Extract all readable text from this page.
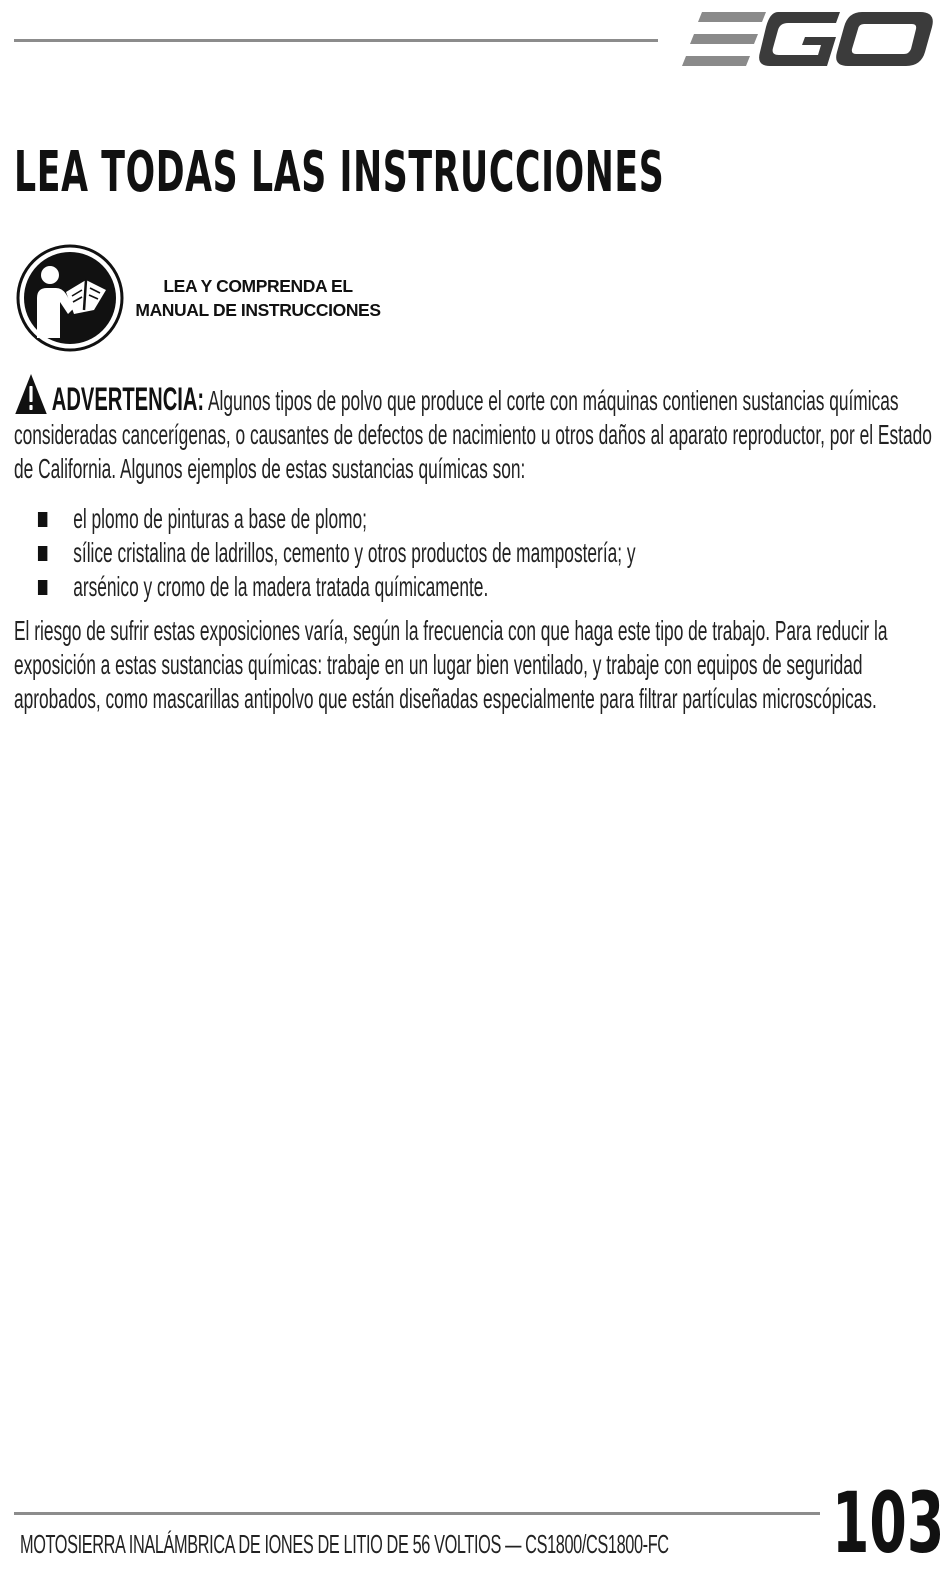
LEA TODAS LAS INSTRUCCIONES
LEA Y COMPRENDA EL
MANUAL DE INSTRUCCIONES

ADVERTENCIA: Algunos tipos de polvo que produce el corte con máquinas contienen sustancias químicas consideradas cancerígenas, o causantes de defectos de nacimiento u otros daños al aparato reproductor, por el Estado de California. Algunos ejemplos de estas sustancias químicas son:

el plomo de pinturas a base de plomo;
sílice cristalina de ladrillos, cemento y otros productos de mampostería; y
arsénico y cromo de la madera tratada químicamente.

El riesgo de sufrir estas exposiciones varía, según la frecuencia con que haga este tipo de trabajo. Para reducir la exposición a estas sustancias químicas: trabaje en un lugar bien ventilado, y trabaje con equipos de seguridad aprobados, como mascarillas antipolvo que están diseñadas especialmente para filtrar partículas microscópicas.

MOTOSIERRA INALÁMBRICA DE IONES DE LITIO DE 56 VOLTIOS — CS1800/CS1800-FC 103
